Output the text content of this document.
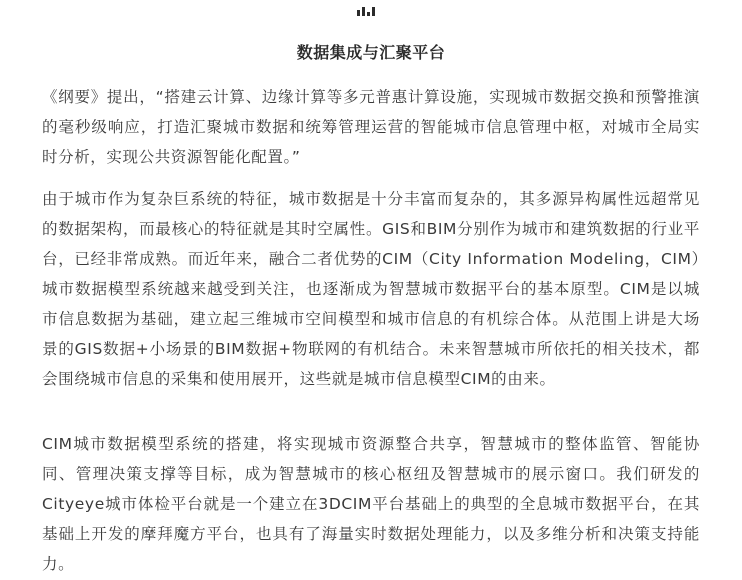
数据集成与汇聚平台

《纲要》提出，“搭建云计算、边缘计算等多元普惠计算设施，实现城市数据交换和预警推演的毫秒级响应，打造汇聚城市数据和统筹管理运营的智能城市信息管理中枢，对城市全局实时分析，实现公共资源智能化配置。”

由于城市作为复杂巨系统的特征，城市数据是十分丰富而复杂的，其多源异构属性远超常见的数据架构，而最核心的特征就是其时空属性。GIS和BIM分别作为城市和建筑数据的行业平台，已经非常成熟。而近年来，融合二者优势的CIM（City Information Modeling，CIM）城市数据模型系统越来越受到关注，也逐渐成为智慧城市数据平台的基本原型。CIM是以城市信息数据为基础，建立起三维城市空间模型和城市信息的有机综合体。从范围上讲是大场景的GIS数据+小场景的BIM数据+物联网的有机结合。未来智慧城市所依托的相关技术，都会围绕城市信息的采集和使用展开，这些就是城市信息模型CIM的由来。

CIM城市数据模型系统的搭建，将实现城市资源整合共享，智慧城市的整体监管、智能协同、管理决策支撑等目标，成为智慧城市的核心枢纽及智慧城市的展示窗口。我们研发的Cityeye城市体检平台就是一个建立在3DCIM平台基础上的典型的全息城市数据平台，在其基础上开发的摩拜魔方平台，也具有了海量实时数据处理能力，以及多维分析和决策支持能力。
